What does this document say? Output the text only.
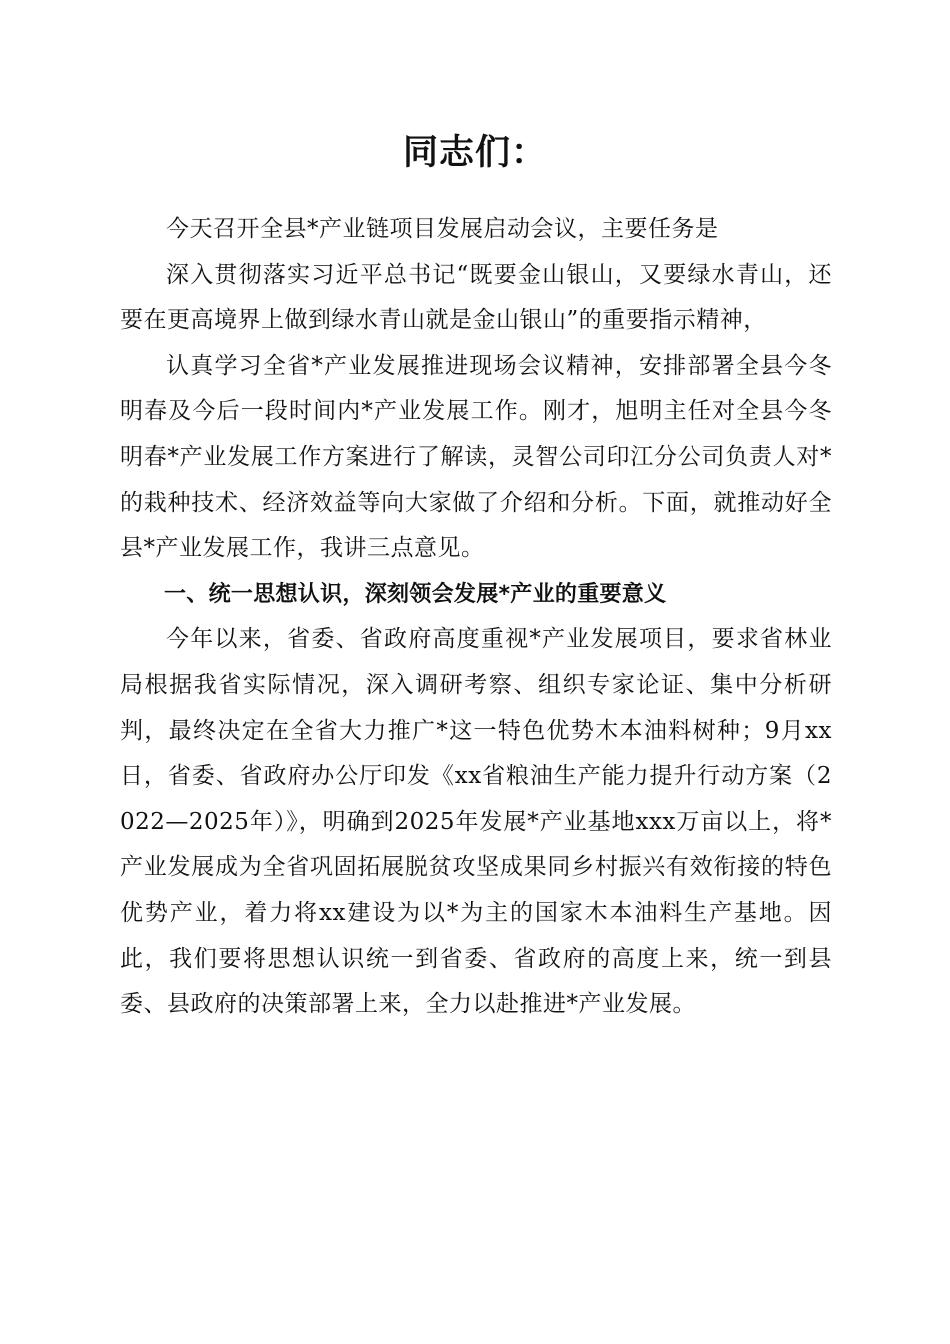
同志们：

今天召开全县*产业链项目发展启动会议，主要任务是

深入贯彻落实习近平总书记“既要金山银山，又要绿水青山，还要在更高境界上做到绿水青山就是金山银山”的重要指示精神，

认真学习全省*产业发展推进现场会议精神，安排部署全县今冬明春及今后一段时间内*产业发展工作。刚才，旭明主任对全县今冬明春*产业发展工作方案进行了解读，灵智公司印江分公司负责人对*的栽种技术、经济效益等向大家做了介绍和分析。下面，就推动好全县*产业发展工作，我讲三点意见。

一、统一思想认识，深刻领会发展*产业的重要意义

今年以来，省委、省政府高度重视*产业发展项目，要求省林业局根据我省实际情况，深入调研考察、组织专家论证、集中分析研判，最终决定在全省大力推广*这一特色优势木本油料树种；9月xx日，省委、省政府办公厅印发《xx省粮油生产能力提升行动方案（2022—2025年）》，明确到2025年发展*产业基地xxx万亩以上，将*产业发展成为全省巩固拓展脱贫攻坚成果同乡村振兴有效衔接的特色优势产业，着力将xx建设为以*为主的国家木本油料生产基地。因此，我们要将思想认识统一到省委、省政府的高度上来，统一到县委、县政府的决策部署上来，全力以赴推进*产业发展。
